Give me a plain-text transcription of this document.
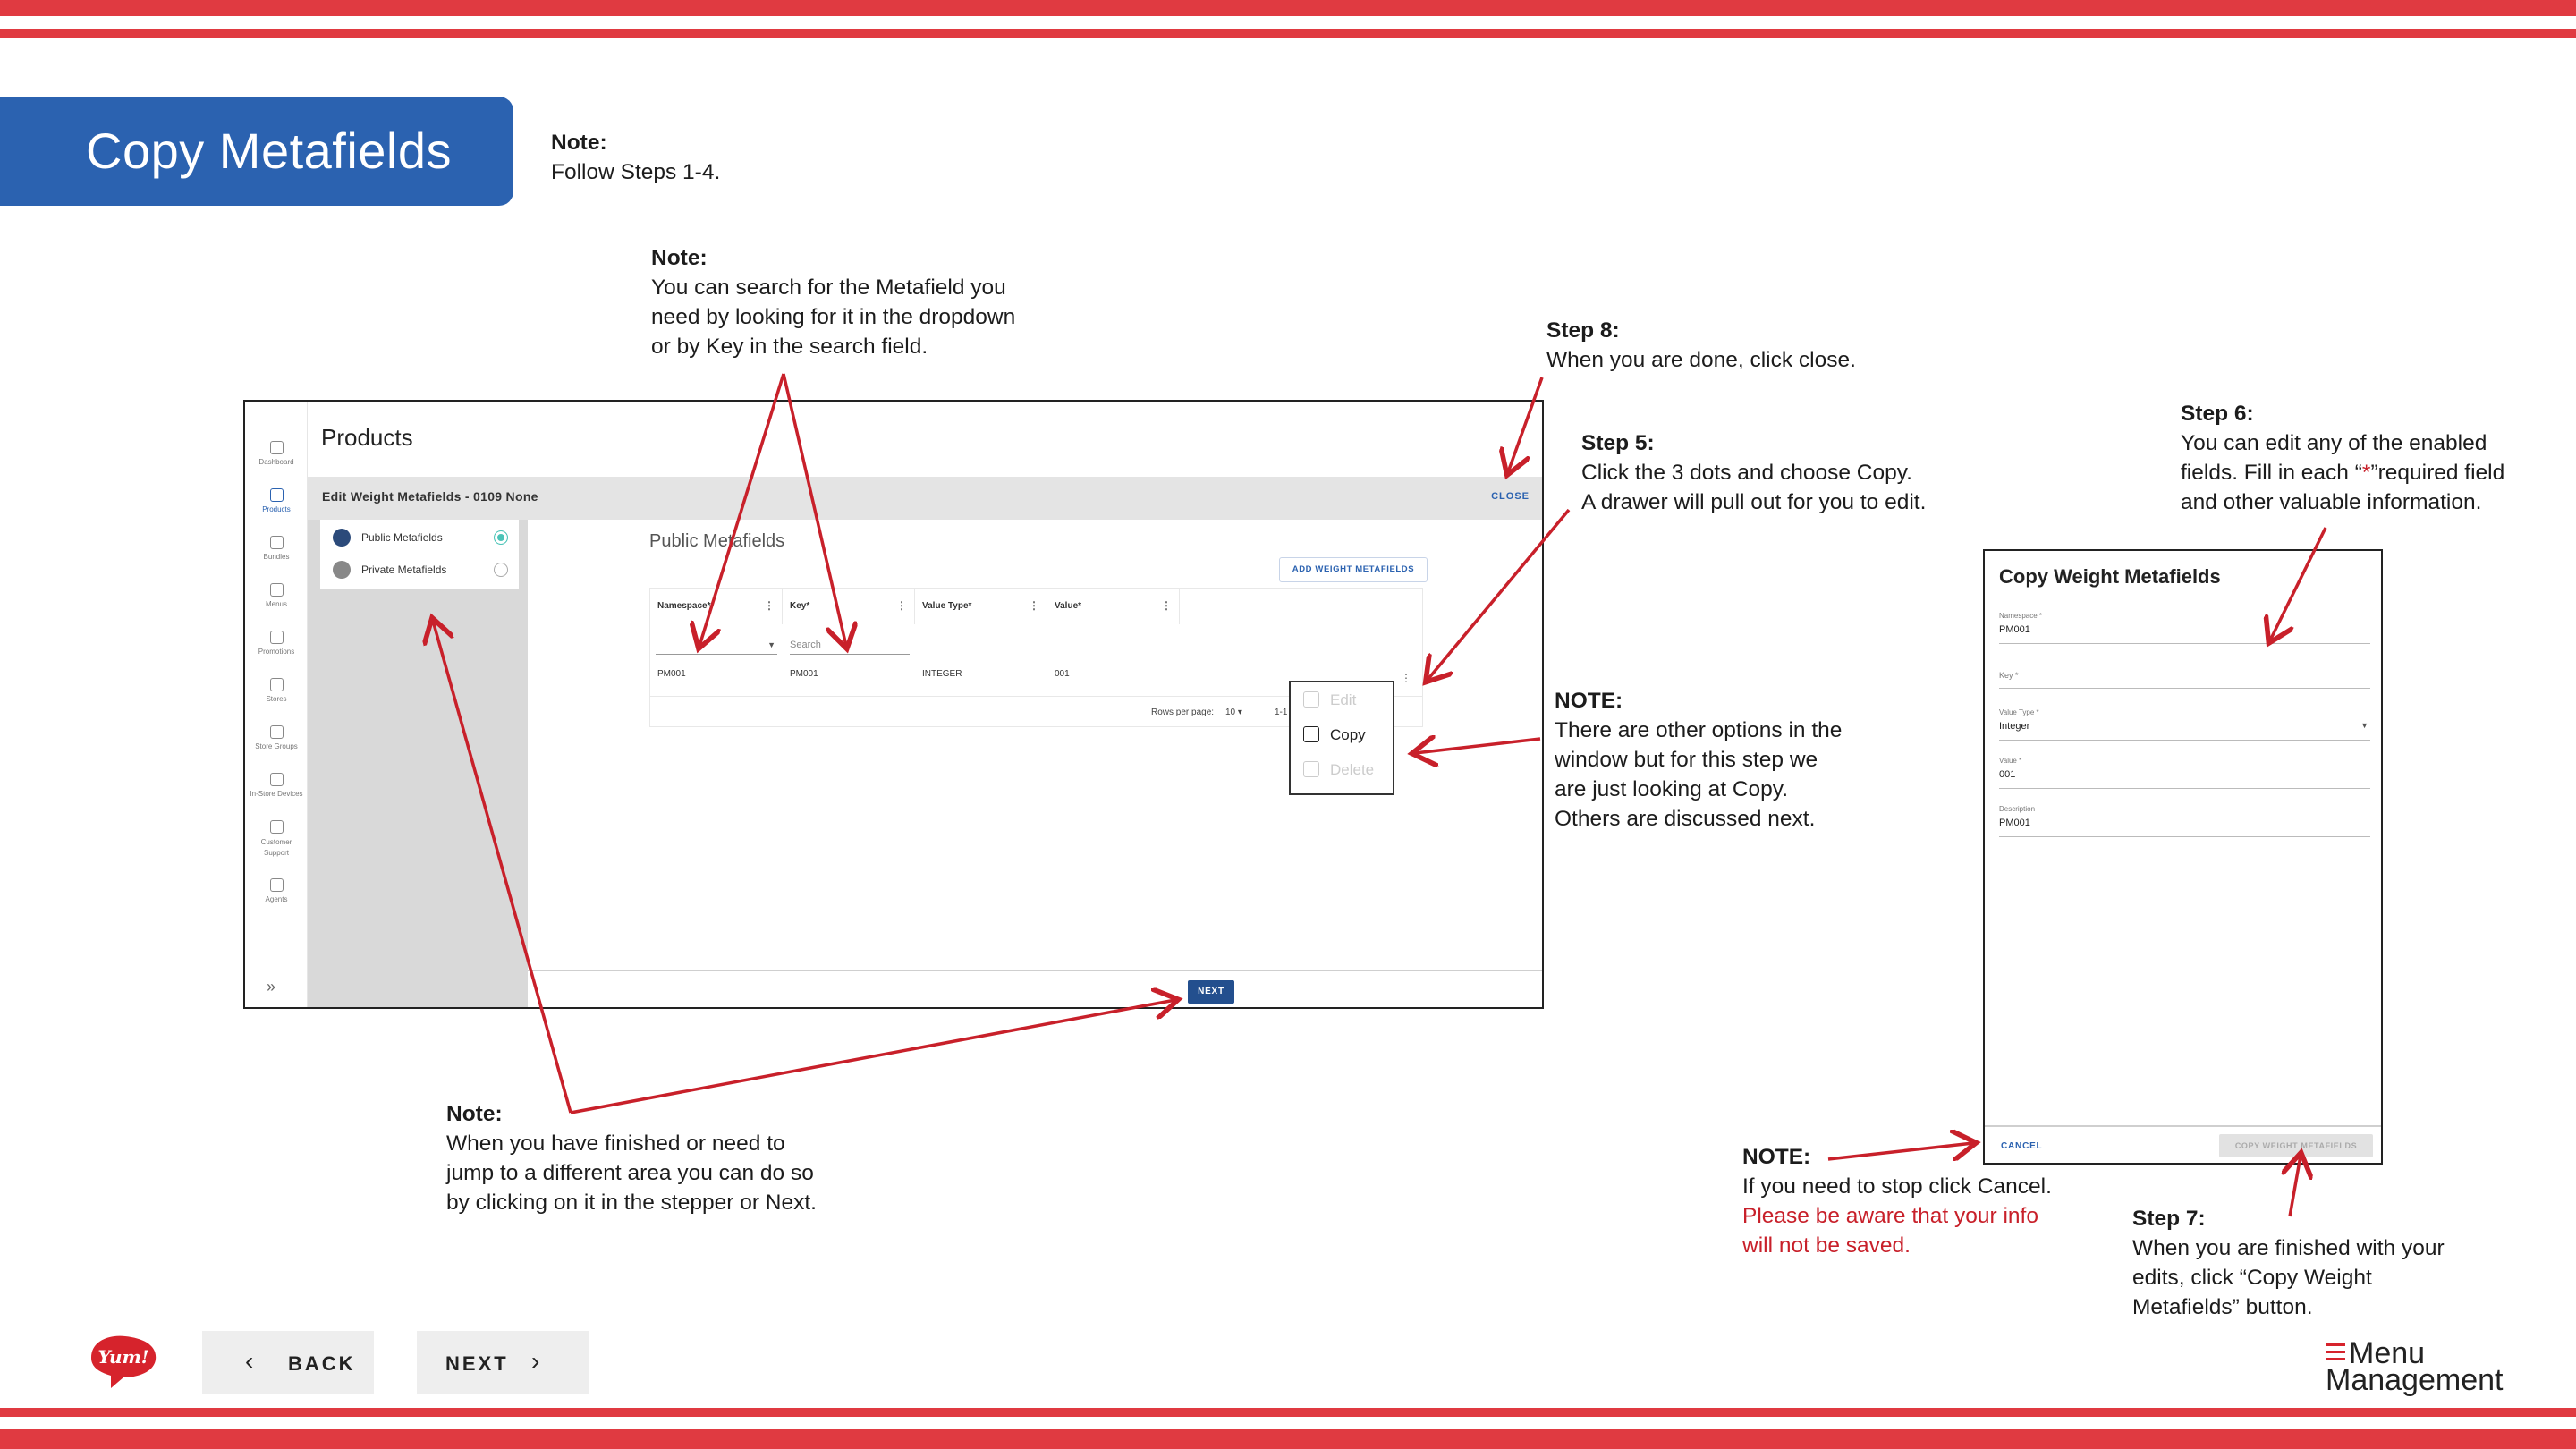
Copy Metafields	Note:
Follow Steps 1-4.
Note:
You can search for the Metafield you
need by looking for it in the dropdown
or by Key in the search field.
Step 8:
When you are done, click close.
Step 5:
Click the 3 dots and choose Copy.
A drawer will pull out for you to edit.
Step 6:
You can edit any of the enabled
fields. Fill in each “*”required field
and other valuable information.
NOTE:
There are other options in the
window but for this step we
are just looking at Copy.
Others are discussed next.
Note:
When you have finished or need to
jump to a different area you can do so
by clicking on it in the stepper or Next.
NOTE:
If you need to stop click Cancel.
Please be aware that your info
will not be saved.
Step 7:
When you are finished with your
edits, click “Copy Weight
Metafields” button.
Dashboard
Products
Bundles
Menus
Promotions
Stores
Store Groups
In-Store Devices
Customer Support
Agents
»
Products
Edit Weight Metafields - 0109 None	CLOSE
Public Metafields
Private Metafields
Public Metafields
ADD WEIGHT METAFIELDS
Namespace*	⋮	Key*	⋮	Value Type*	⋮	Value*	⋮
▼ Search
PM001	PM001	INTEGER	001
Rows per page: 10 ▾	1-1
⋮
Edit
Copy
Delete
NEXT
Copy Weight Metafields
Namespace *
PM001
Key *
Value Type *
Integer	▼
Value *
001
Description
PM001
CANCEL	COPY WEIGHT METAFIELDS
Yum!	‹ BACK	NEXT ›	Menu
Management
